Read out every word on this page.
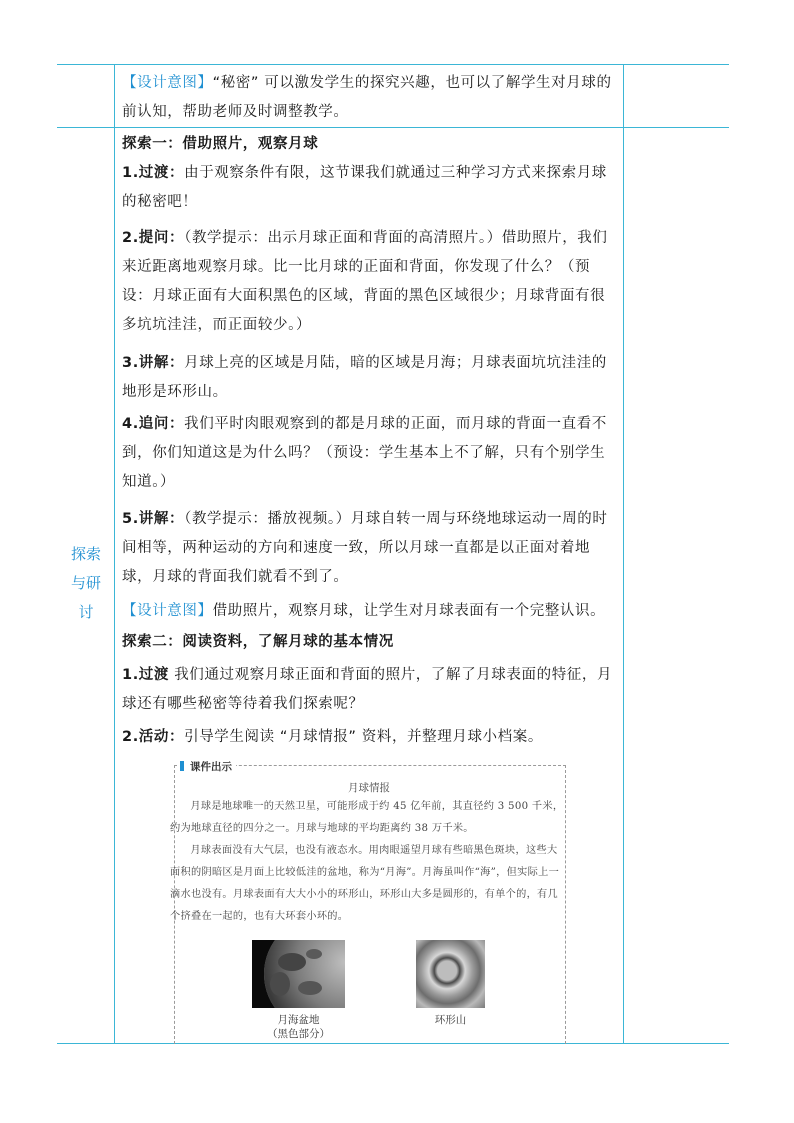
探索
与研
讨

【设计意图】“秘密” 可以激发学生的探究兴趣，也可以了解学生对月球的前认知，帮助老师及时调整教学。

探索一：借助照片，观察月球

1.过渡：由于观察条件有限，这节课我们就通过三种学习方式来探索月球的秘密吧！

2.提问：（教学提示：出示月球正面和背面的高清照片。）借助照片，我们来近距离地观察月球。比一比月球的正面和背面，你发现了什么？（预设：月球正面有大面积黑色的区域，背面的黑色区域很少；月球背面有很多坑坑洼洼，而正面较少。）

3.讲解：月球上亮的区域是月陆，暗的区域是月海；月球表面坑坑洼洼的地形是环形山。

4.追问：我们平时肉眼观察到的都是月球的正面，而月球的背面一直看不到，你们知道这是为什么吗？（预设：学生基本上不了解，只有个别学生知道。）

5.讲解：（教学提示：播放视频。）月球自转一周与环绕地球运动一周的时间相等，两种运动的方向和速度一致，所以月球一直都是以正面对着地球，月球的背面我们就看不到了。

【设计意图】借助照片，观察月球，让学生对月球表面有一个完整认识。

探索二：阅读资料，了解月球的基本情况

1.过渡 我们通过观察月球正面和背面的照片，了解了月球表面的特征，月球还有哪些秘密等待着我们探索呢？

2.活动：引导学生阅读 “月球情报” 资料，并整理月球小档案。

课件出示
月球情报

月球是地球唯一的天然卫星，可能形成于约 45 亿年前，其直径约 3 500 千米，约为地球直径的四分之一。月球与地球的平均距离约 38 万千米。

月球表面没有大气层，也没有液态水。用肉眼遥望月球有些暗黑色斑块，这些大面积的阴暗区是月面上比较低洼的盆地，称为“月海”。月海虽叫作“海”，但实际上一滴水也没有。月球表面有大大小小的环形山，环形山大多是圆形的，有单个的，有几个挤叠在一起的，也有大环套小环的。

月海盆地
（黑色部分）
环形山
